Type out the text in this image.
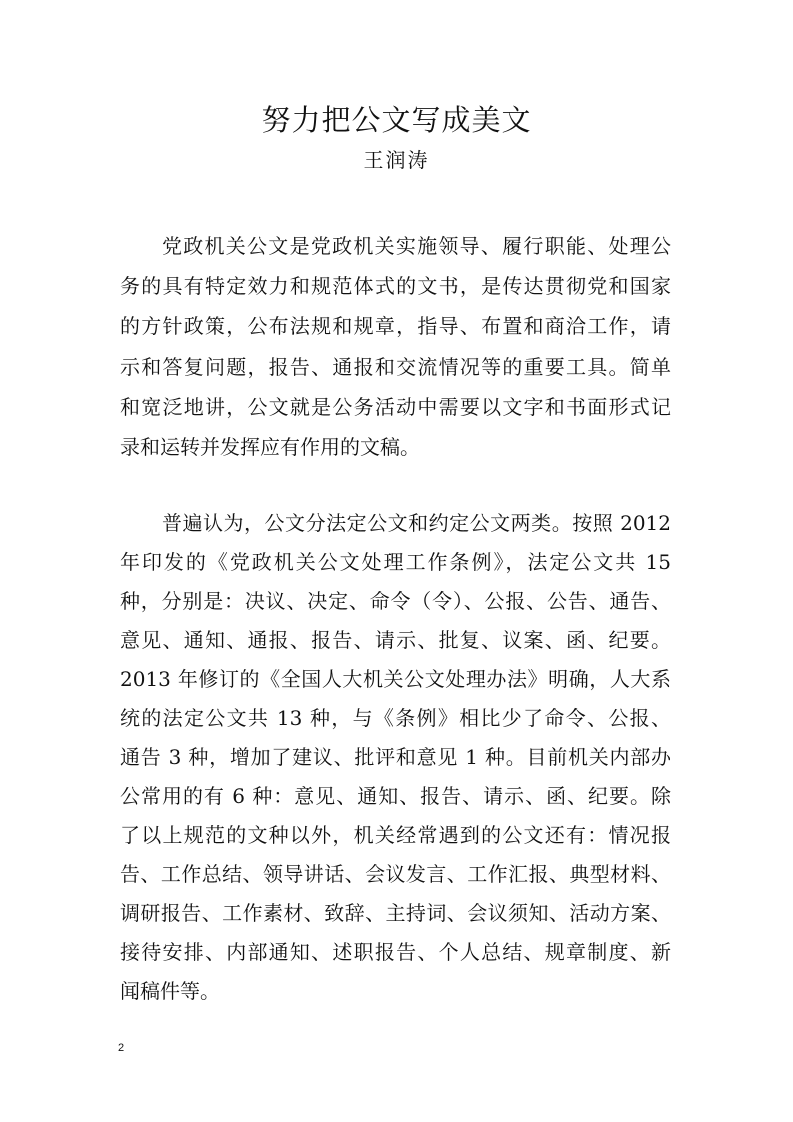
努力把公文写成美文
王润涛
党政机关公文是党政机关实施领导、履行职能、处理公
务的具有特定效力和规范体式的文书，是传达贯彻党和国家
的方针政策，公布法规和规章，指导、布置和商洽工作，请
示和答复问题，报告、通报和交流情况等的重要工具。简单
和宽泛地讲，公文就是公务活动中需要以文字和书面形式记
录和运转并发挥应有作用的文稿。
普遍认为，公文分法定公文和约定公文两类。按照 2012
年印发的《党政机关公文处理工作条例》，法定公文共 15
种，分别是：决议、决定、命令（令）、公报、公告、通告、
意见、通知、通报、报告、请示、批复、议案、函、纪要。
2013 年修订的《全国人大机关公文处理办法》明确，人大系
统的法定公文共 13 种，与《条例》相比少了命令、公报、
通告 3 种，增加了建议、批评和意见 1 种。目前机关内部办
公常用的有 6 种：意见、通知、报告、请示、函、纪要。除
了以上规范的文种以外，机关经常遇到的公文还有：情况报
告、工作总结、领导讲话、会议发言、工作汇报、典型材料、
调研报告、工作素材、致辞、主持词、会议须知、活动方案、
接待安排、内部通知、述职报告、个人总结、规章制度、新
闻稿件等。
2
